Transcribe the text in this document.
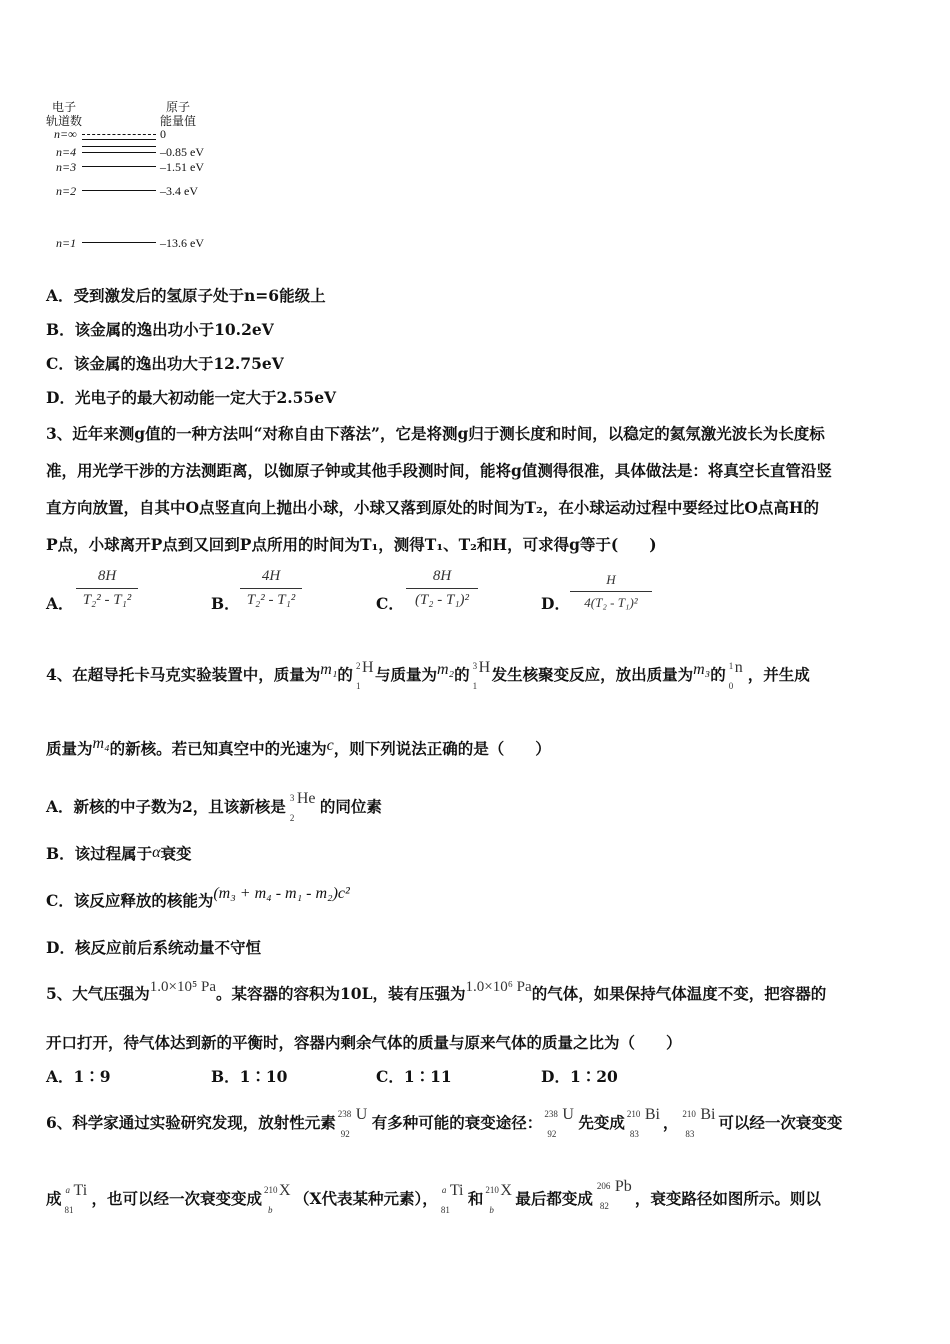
电子
轨道数
原子
能量值
n=∞	0
n=4	–0.85 eV
n=3	–1.51 eV
n=2	–3.4 eV
n=1	–13.6 eV
A．受到激发后的氢原子处于n=6能级上
B．该金属的逸出功小于10.2eV
C．该金属的逸出功大于12.75eV
D．光电子的最大初动能一定大于2.55eV
3、近年来测g值的一种方法叫“对称自由下落法”，它是将测g归于测长度和时间，以稳定的氦氖激光波长为长度标
准，用光学干涉的方法测距离，以铷原子钟或其他手段测时间，能将g值测得很准，具体做法是：将真空长直管沿竖
直方向放置，自其中O点竖直向上抛出小球，小球又落到原处的时间为T₂，在小球运动过程中要经过比O点高H的
P点，小球离开P点到又回到P点所用的时间为T₁，测得T₁、T₂和H，可求得g等于(　　)
A．
8H
T₂² - T₁²	B．
4H
T₂² - T₁²	C．
8H
(T₂ - T₁)²	D．
H
4(T₂ - T₁)²
4、在超导托卡马克实验装置中，质量为m₁的 2
1
H 与质量为m₂的 3
1
H 发生核聚变反应，放出质量为m₃的 1
0
n ，并生成
质量为m₄的新核。若已知真空中的光速为c，则下列说法正确的是（　　）
A．新核的中子数为2，且该新核是 3
2
He 的同位素
B．该过程属于α衰变
C．该反应释放的核能为(m₃ + m₄ - m₁ - m₂)c²
D．核反应前后系统动量不守恒
5、大气压强为1.0×10⁵ Pa。某容器的容积为10L，装有压强为1.0×10⁶ Pa的气体，如果保持气体温度不变，把容器的
开口打开，待气体达到新的平衡时，容器内剩余气体的质量与原来气体的质量之比为（　　）
A．1∶9	B．1∶10	C．1∶11	D．1∶20
6、科学家通过实验研究发现，放射性元素 238
92
U 有多种可能的衰变途径： 238
92
U 先变成 210
83
Bi ， 210
83
Bi 可以经一次衰变变
成 a
81
Ti ，也可以经一次衰变变成 210
b
X （X代表某种元素）， a
81
Ti 和 210
b
X 最后都变成
206
82
Pb
，衰变路径如图所示。则以
